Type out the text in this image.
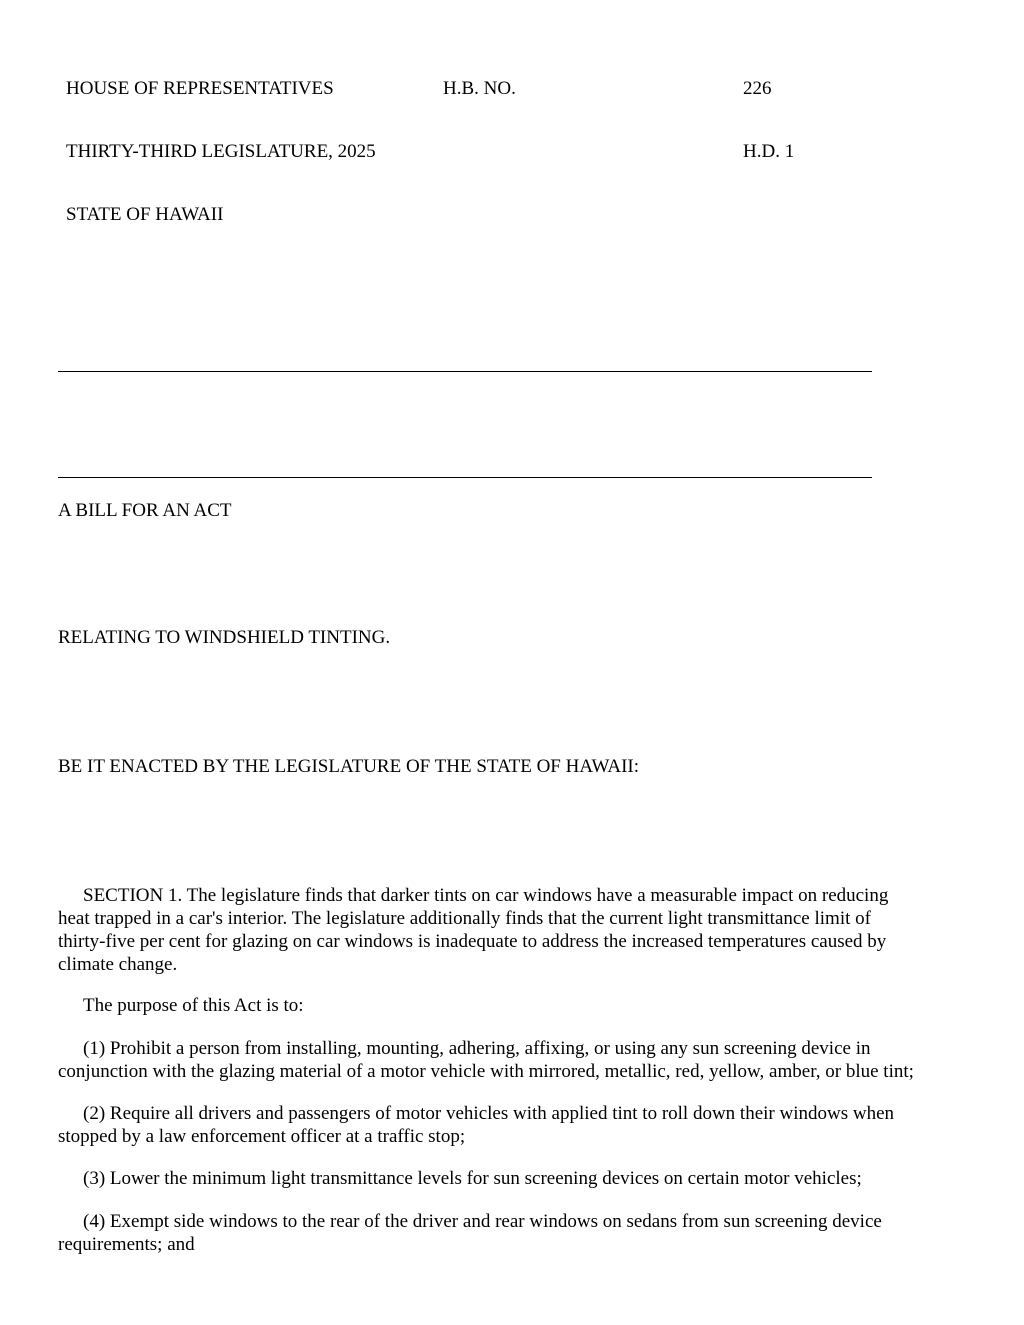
HOUSE OF REPRESENTATIVES	H.B. NO.	226
THIRTY-THIRD LEGISLATURE, 2025	H.D. 1
STATE OF HAWAII
A BILL FOR AN ACT
RELATING TO WINDSHIELD TINTING.
BE IT ENACTED BY THE LEGISLATURE OF THE STATE OF HAWAII:
SECTION 1. The legislature finds that darker tints on car windows have a measurable impact on reducing
heat trapped in a car's interior. The legislature additionally finds that the current light transmittance limit of
thirty-five per cent for glazing on car windows is inadequate to address the increased temperatures caused by
climate change.
The purpose of this Act is to:
(1) Prohibit a person from installing, mounting, adhering, affixing, or using any sun screening device in
conjunction with the glazing material of a motor vehicle with mirrored, metallic, red, yellow, amber, or blue tint;
(2) Require all drivers and passengers of motor vehicles with applied tint to roll down their windows when
stopped by a law enforcement officer at a traffic stop;
(3) Lower the minimum light transmittance levels for sun screening devices on certain motor vehicles;
(4) Exempt side windows to the rear of the driver and rear windows on sedans from sun screening device
requirements; and
